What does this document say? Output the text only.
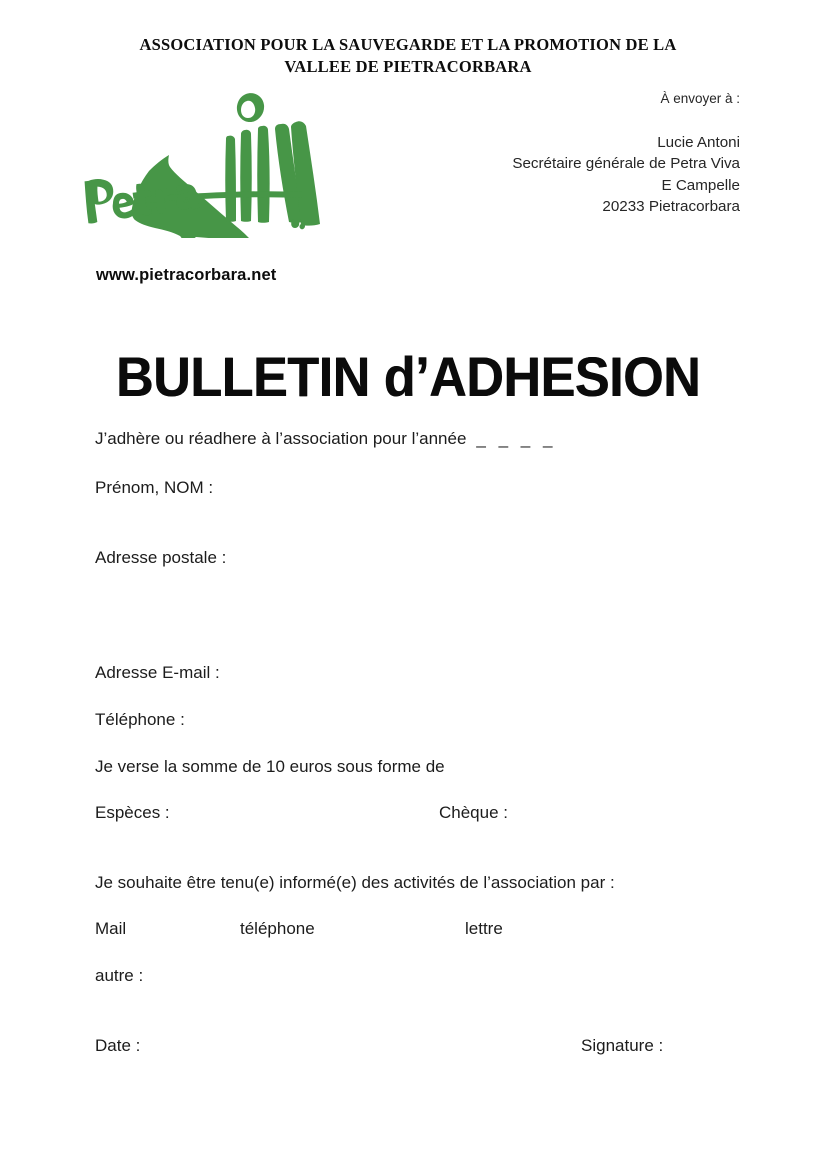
ASSOCIATION POUR LA SAUVEGARDE ET LA PROMOTION DE LA
VALLEE DE PIETRACORBARA
À envoyer à :
Lucie Antoni
Secrétaire générale de Petra Viva
E Campelle
20233 Pietracorbara
www.pietracorbara.net
BULLETIN d’ADHESION
J’adhère ou réadhere à l’association pour l’année _ _ _ _
Prénom, NOM :
Adresse postale :
Adresse E-mail :
Téléphone :
Je verse la somme de 10 euros sous forme de
Espèces :	Chèque :
Je souhaite être tenu(e) informé(e) des activités de l’association par :
Mail	téléphone	lettre
autre :
Date :	Signature :
